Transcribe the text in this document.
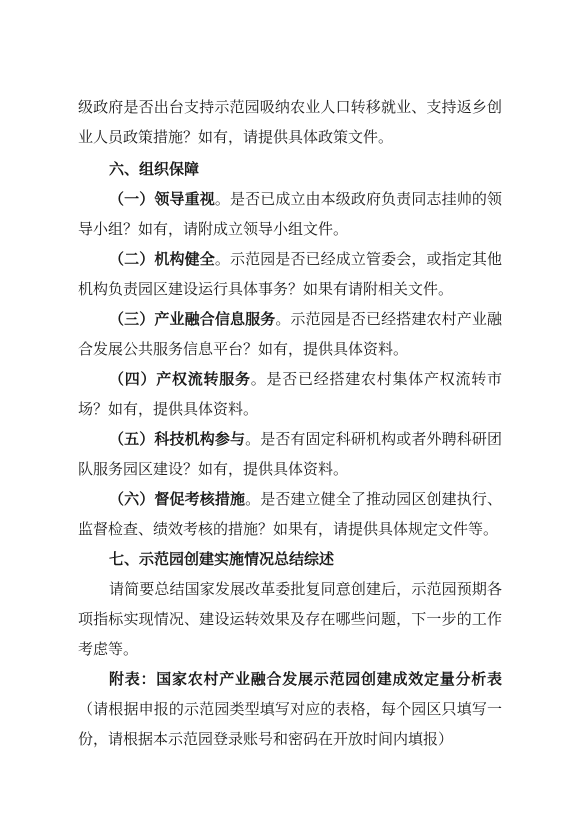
级政府是否出台支持示范园吸纳农业人口转移就业、支持返乡创
业人员政策措施？如有，请提供具体政策文件。
六、组织保障
（一）领导重视。是否已成立由本级政府负责同志挂帅的领
导小组？如有，请附成立领导小组文件。
（二）机构健全。示范园是否已经成立管委会，或指定其他
机构负责园区建设运行具体事务？如果有请附相关文件。
（三）产业融合信息服务。示范园是否已经搭建农村产业融
合发展公共服务信息平台？如有，提供具体资料。
（四）产权流转服务。是否已经搭建农村集体产权流转市
场？如有，提供具体资料。
（五）科技机构参与。是否有固定科研机构或者外聘科研团
队服务园区建设？如有，提供具体资料。
（六）督促考核措施。是否建立健全了推动园区创建执行、
监督检查、绩效考核的措施？如果有，请提供具体规定文件等。
七、示范园创建实施情况总结综述
请简要总结国家发展改革委批复同意创建后，示范园预期各
项指标实现情况、建设运转效果及存在哪些问题，下一步的工作
考虑等。
附表：国家农村产业融合发展示范园创建成效定量分析表
（请根据申报的示范园类型填写对应的表格，每个园区只填写一
份，请根据本示范园登录账号和密码在开放时间内填报）
